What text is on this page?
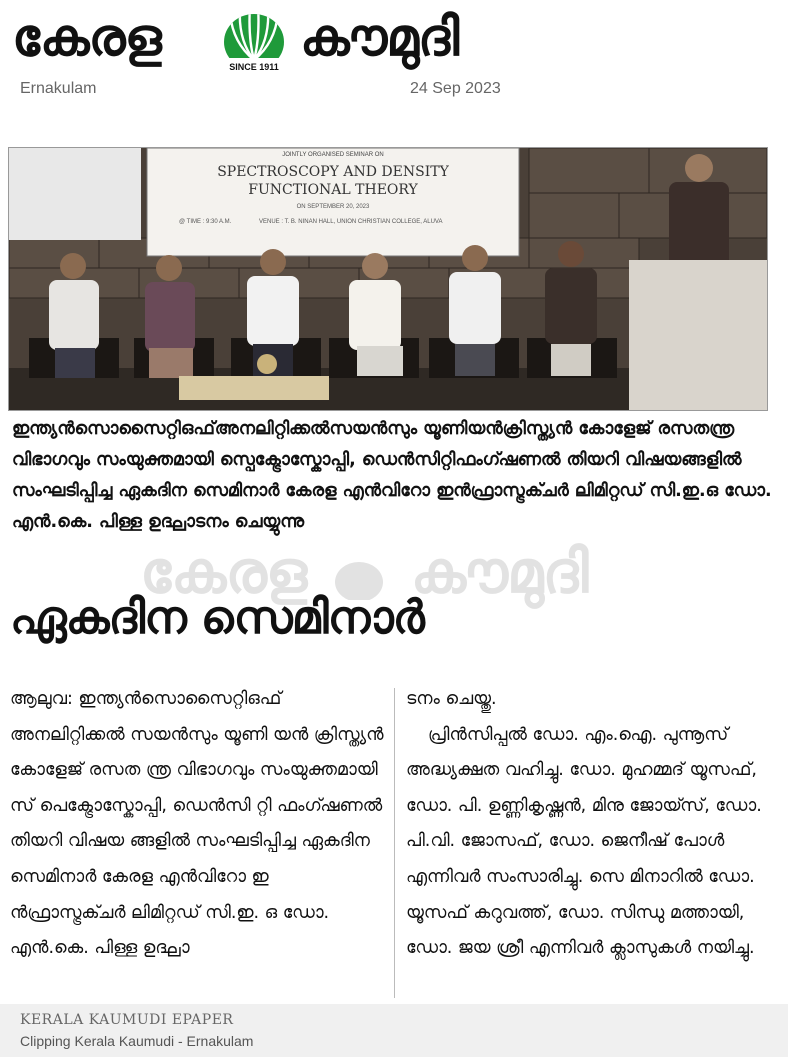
കേരള	SINCE 1911 കൗമുദി
Ernakulam	24 Sep 2023
JOINTLY ORGANISED SEMINAR ON
SPECTROSCOPY AND DENSITY
FUNCTIONAL THEORY
ON SEPTEMBER 20, 2023
@ TIME : 9:30 A.M.	VENUE : T. B. NINAN HALL, UNION CHRISTIAN COLLEGE, ALUVA

ഇന്ത്യൻസൊസൈറ്റിഒഫ്അനലിറ്റിക്കൽസയൻസും യൂണിയൻക്രിസ്ത്യൻ കോളേജ് രസതന്ത്ര വിഭാഗവും സംയുക്തമായി സ്പെക്ട്രോസ്കോപ്പി, ഡെൻസിറ്റിഫംഗ്ഷണൽ തിയറി വിഷയങ്ങളിൽ സംഘടിപ്പിച്ച ഏകദിന സെമിനാർ കേരള എൻവിറോ ഇൻഫ്രാസ്ട്രക്ചർ ലിമിറ്റഡ് സി.ഇ.ഒ ഡോ. എൻ.കെ. പിള്ള ഉദ്ഘാടനം ചെയ്യുന്നു

കേരള കൗമുദി
ഏകദിന സെമിനാർ

ആലുവ: ഇന്ത്യൻസൊസൈറ്റിഒഫ് അനലിറ്റിക്കൽ സയൻസും യൂണി യൻ ക്രിസ്ത്യൻ കോളേജ് രസത ന്ത്ര വിഭാഗവും സംയുക്തമായി സ് പെക്ട്രോസ്കോപ്പി, ഡെൻസി റ്റി ഫംഗ്ഷണൽ തിയറി വിഷയ ങ്ങളിൽ സംഘടിപ്പിച്ച ഏകദിന സെമിനാർ കേരള എൻവിറോ ഇ ൻഫ്രാസ്ട്രക്ചർ ലിമിറ്റഡ് സി.ഇ. ഒ ഡോ. എൻ.കെ. പിള്ള ഉദ്ഘാ

ടനം ചെയ്തു.

പ്രിൻസിപ്പൽ ഡോ. എം.ഐ. പുന്നൂസ് അദ്ധ്യക്ഷത വഹിച്ചു. ഡോ. മുഹമ്മദ് യൂസഫ്, ഡോ. പി. ഉണ്ണികൃഷ്ണൻ, മിനു ജോയ്സ്, ഡോ. പി.വി. ജോസഫ്, ഡോ. ജെനീഷ് പോൾ എന്നിവർ സംസാരിച്ചു. സെ മിനാറിൽ ഡോ. യൂസഫ് കറുവത്ത്, ഡോ. സിന്ധു മത്തായി, ഡോ. ജയ ശ്രീ എന്നിവർ ക്ലാസുകൾ നയിച്ചു.

KERALA KAUMUDI EPAPER
Clipping Kerala Kaumudi - Ernakulam
